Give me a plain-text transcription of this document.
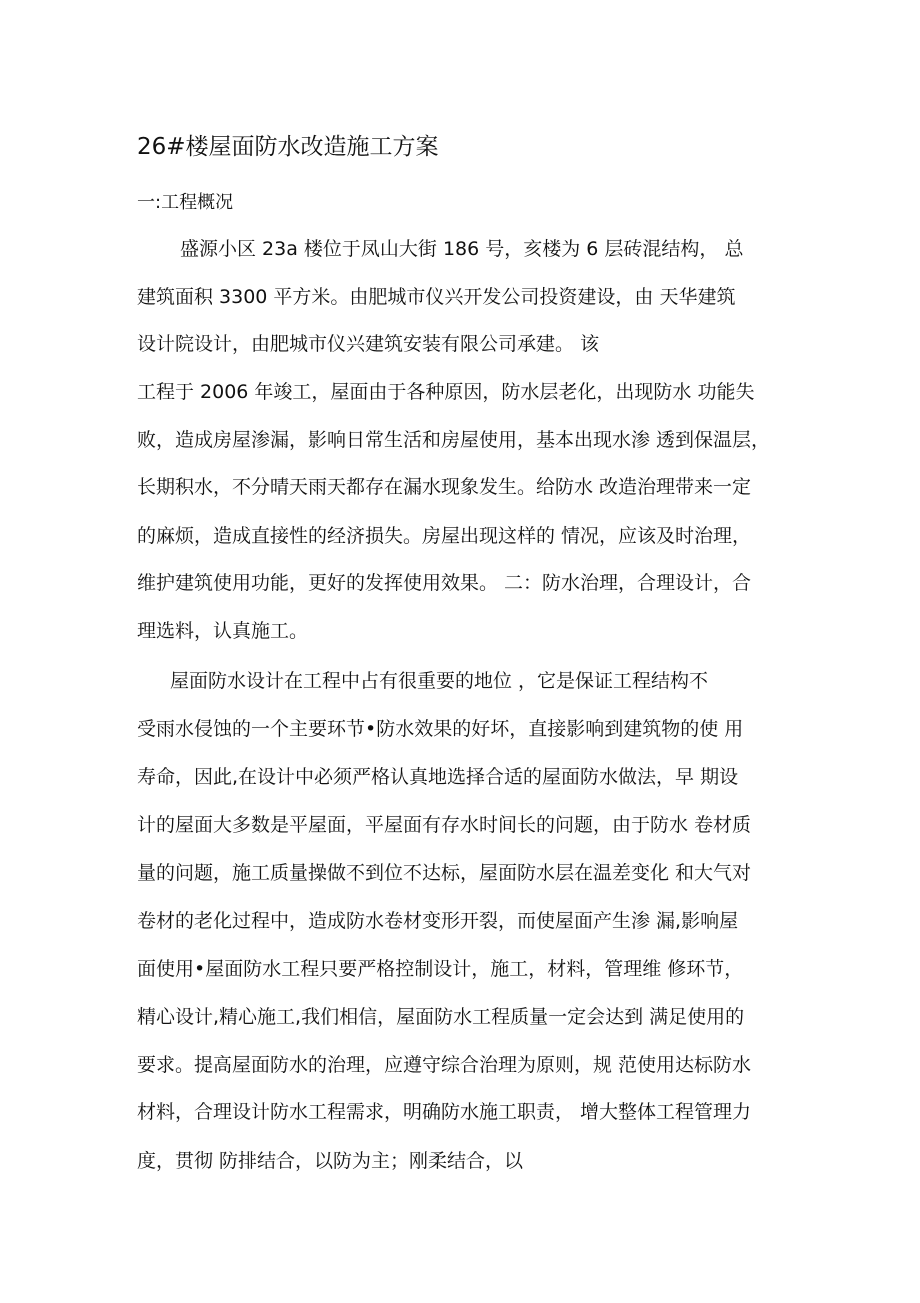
26#楼屋面防水改造施工方案
一:工程概况
盛源小区 23a 楼位于凤山大街 186 号，亥楼为 6 层砖混结构， 总
建筑面积 3300 平方米。由肥城市仪兴开发公司投资建设，由 天华建筑
设计院设计，由肥城市仪兴建筑安装有限公司承建。 该
工程于 2006 年竣工，屋面由于各种原因，防水层老化，出现防水 功能失
败，造成房屋渗漏，影响日常生活和房屋使用，基本出现水渗 透到保温层，
长期积水，不分晴天雨天都存在漏水现象发生。给防水 改造治理带来一定
的麻烦，造成直接性的经济损失。房屋出现这样的 情况，应该及时治理，
维护建筑使用功能，更好的发挥使用效果。 二：防水治理，合理设计，合
理选料，认真施工。
屋面防水设计在工程中占有很重要的地位 ，它是保证工程结构不
受雨水侵蚀的一个主要环节•防水效果的好坏，直接影响到建筑物的使 用
寿命，因此,在设计中必须严格认真地选择合适的屋面防水做法，早 期设
计的屋面大多数是平屋面，平屋面有存水时间长的问题，由于防水 卷材质
量的问题，施工质量操做不到位不达标，屋面防水层在温差变化 和大气对
卷材的老化过程中，造成防水卷材变形开裂，而使屋面产生渗 漏,影响屋
面使用•屋面防水工程只要严格控制设计，施工，材料，管理维 修环节，
精心设计,精心施工,我们相信，屋面防水工程质量一定会达到 满足使用的
要求。提高屋面防水的治理，应遵守综合治理为原则，规 范使用达标防水
材料，合理设计防水工程需求，明确防水施工职责， 增大整体工程管理力
度，贯彻 防排结合，以防为主；刚柔结合，以
